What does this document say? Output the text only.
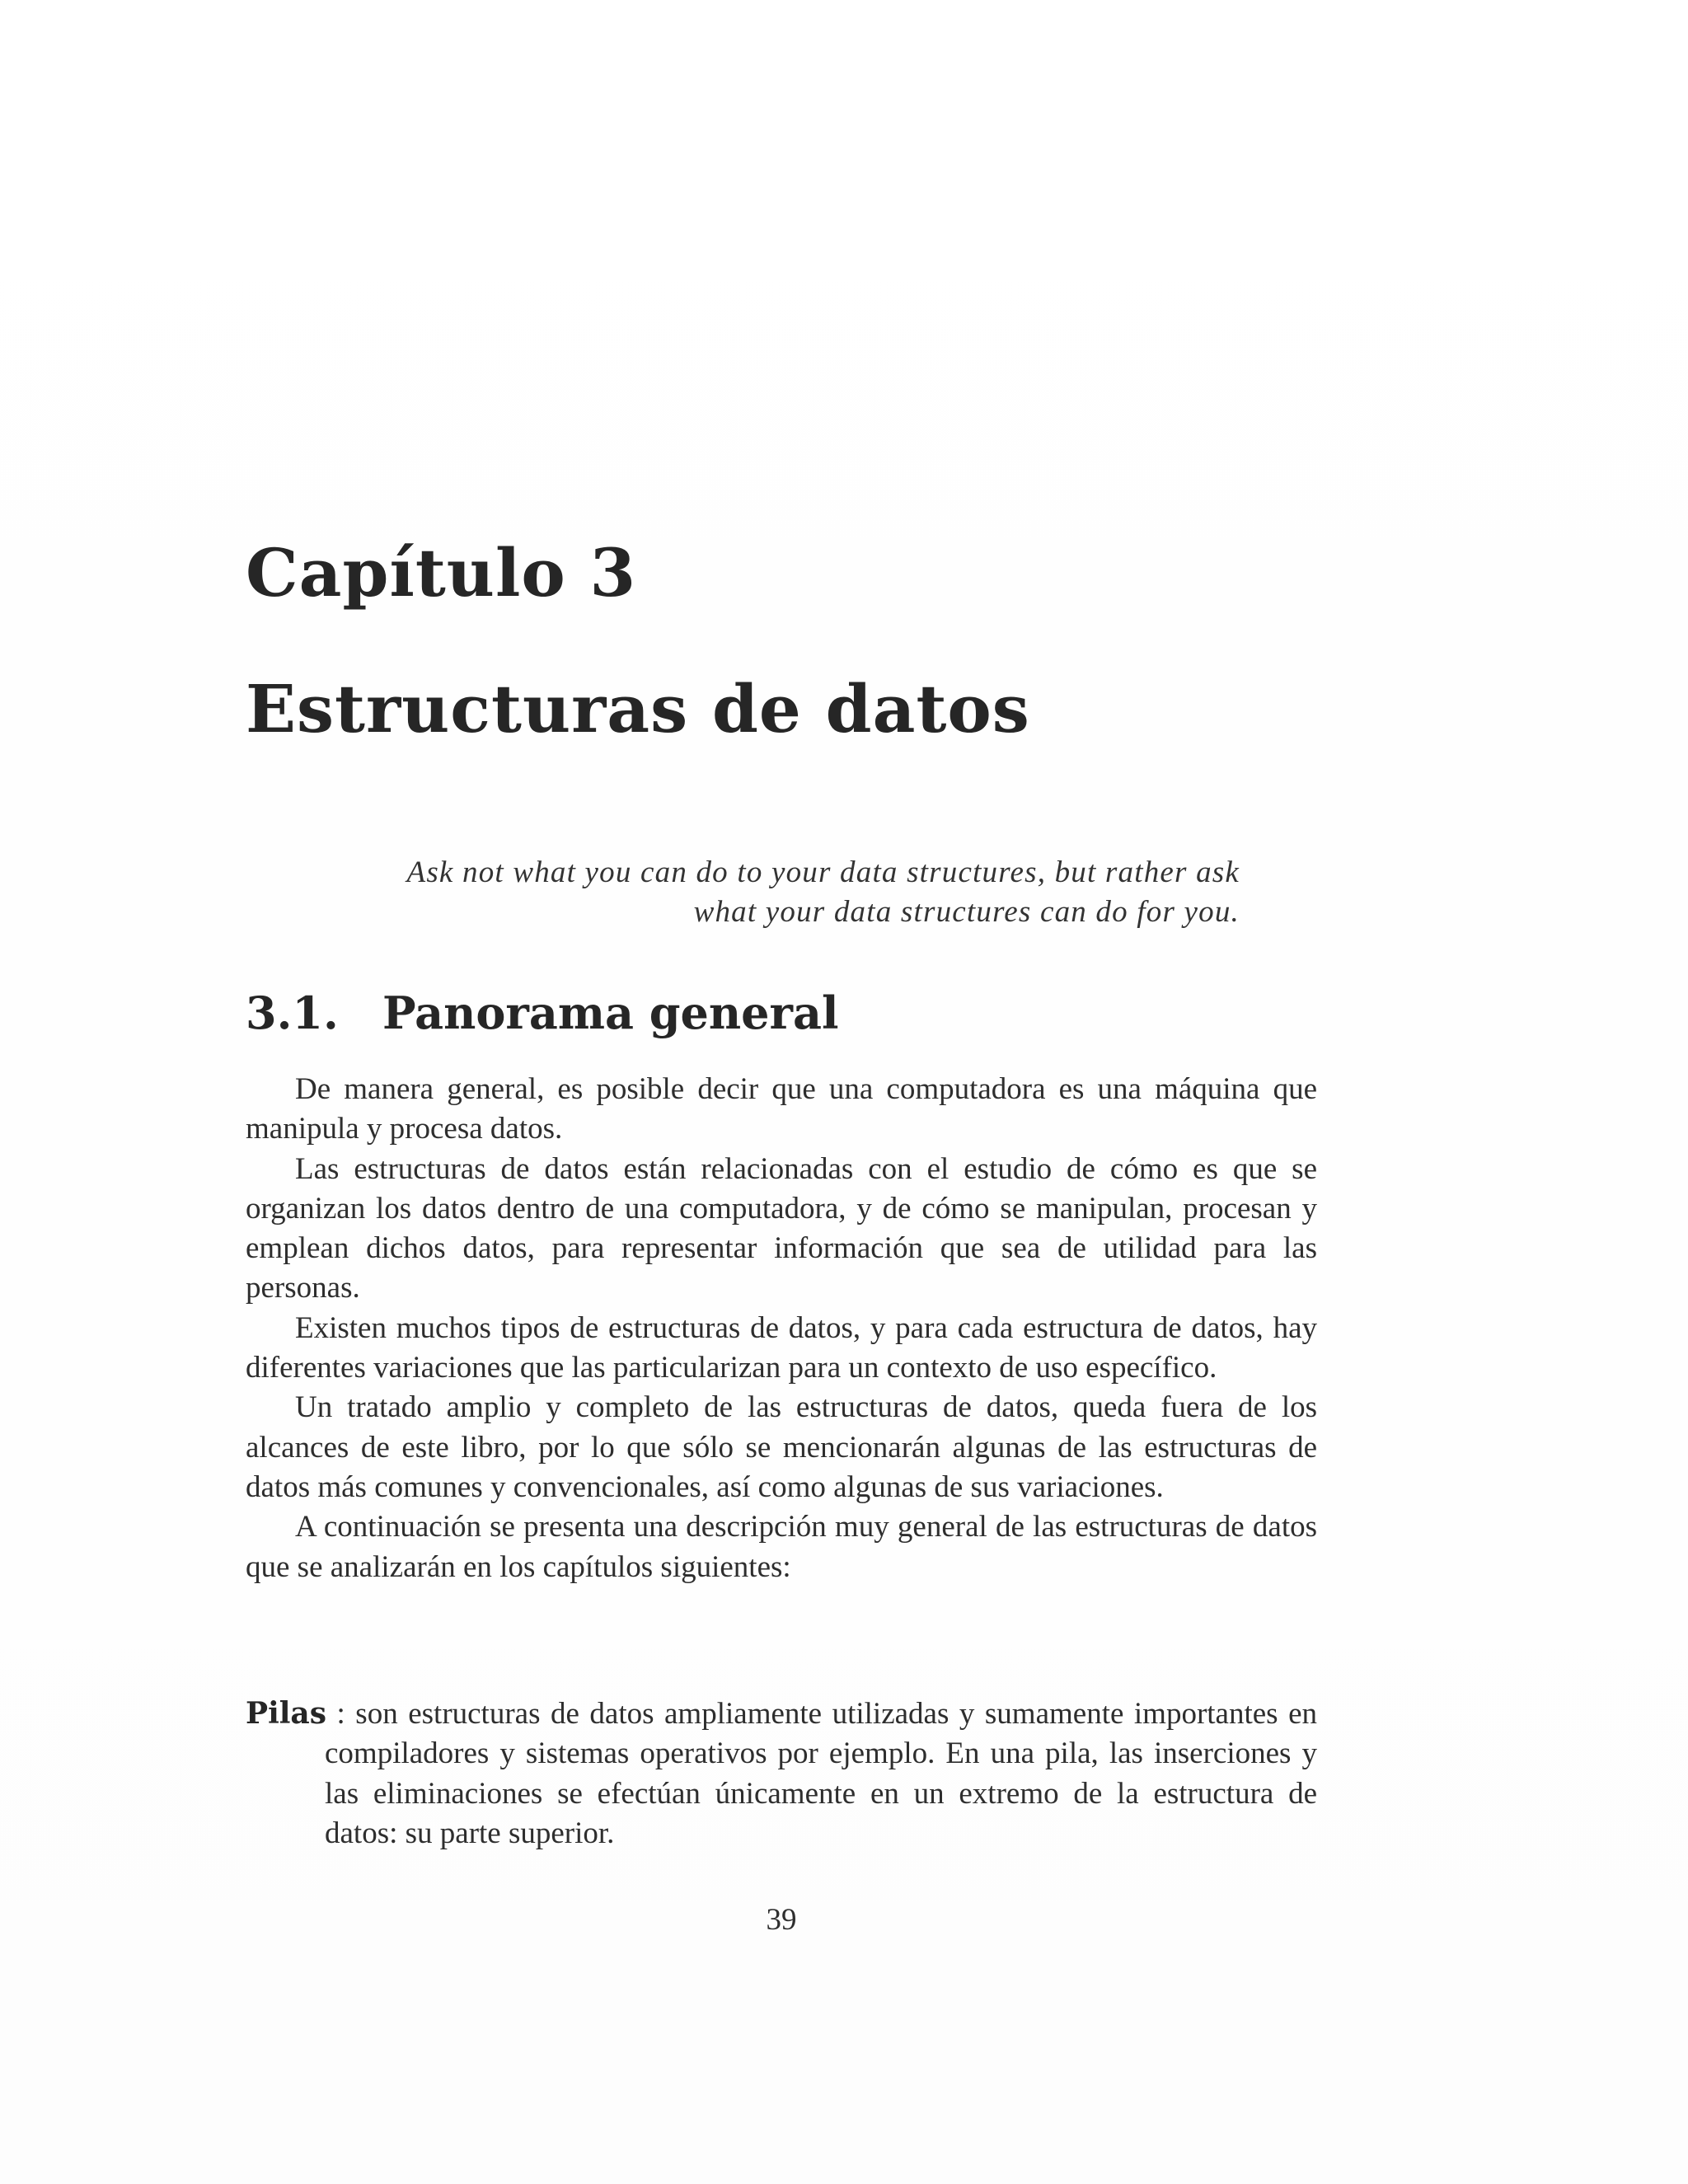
Capítulo 3
Estructuras de datos
Ask not what you can do to your data structures, but rather ask
what your data structures can do for you.
3.1. Panorama general

De manera general, es posible decir que una computadora es una máquina que manipula y procesa datos.

Las estructuras de datos están relacionadas con el estudio de cómo es que se organizan los datos dentro de una computadora, y de cómo se manipulan, procesan y emplean dichos datos, para representar información que sea de utilidad para las personas.

Existen muchos tipos de estructuras de datos, y para cada estructura de datos, hay diferentes variaciones que las particularizan para un contexto de uso específico.

Un tratado amplio y completo de las estructuras de datos, queda fuera de los alcances de este libro, por lo que sólo se mencionarán algunas de las estructuras de datos más comunes y convencionales, así como algunas de sus variaciones.

A continuación se presenta una descripción muy general de las estructuras de datos que se analizarán en los capítulos siguientes:

Pilas : son estructuras de datos ampliamente utilizadas y sumamente importantes en compiladores y sistemas operativos por ejemplo. En una pila, las inserciones y las eliminaciones se efectúan únicamente en un extremo de la estructura de datos: su parte superior.

39
